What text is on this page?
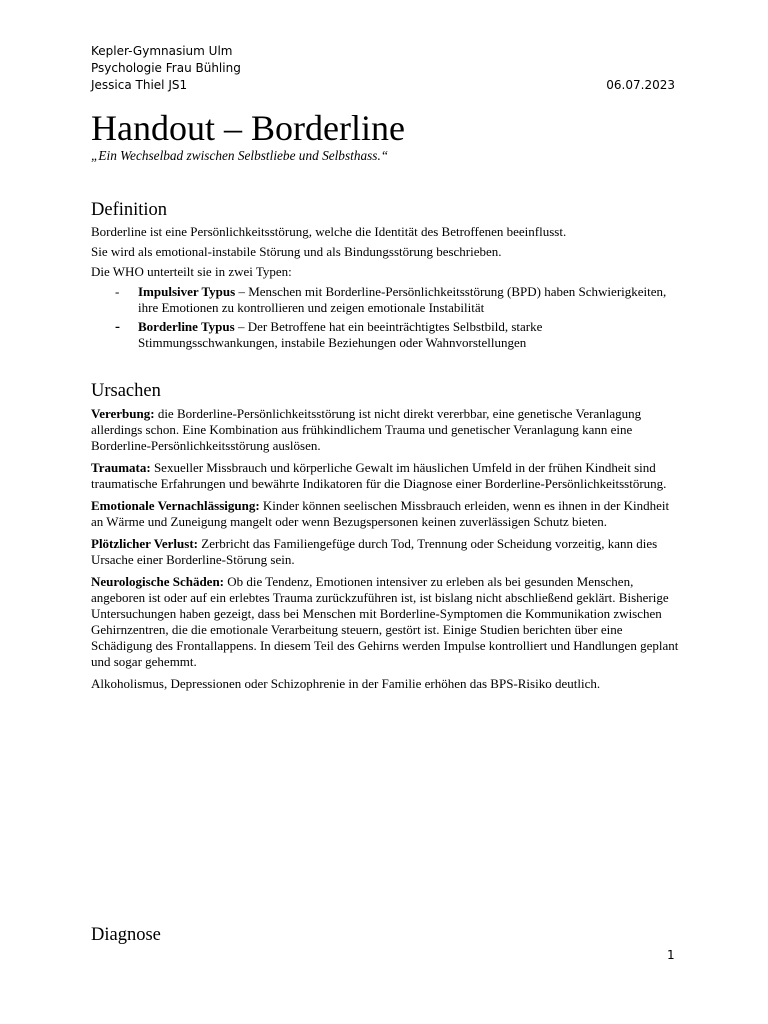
Kepler-Gymnasium Ulm
Psychologie Frau Bühling
Jessica Thiel JS1	06.07.2023
Handout – Borderline
„Ein Wechselbad zwischen Selbstliebe und Selbsthass.“
Definition

Borderline ist eine Persönlichkeitsstörung, welche die Identität des Betroffenen beeinflusst.

Sie wird als emotional-instabile Störung und als Bindungsstörung beschrieben.

Die WHO unterteilt sie in zwei Typen:

- Impulsiver Typus – Menschen mit Borderline-Persönlichkeitsstörung (BPD) haben Schwierigkeiten, ihre Emotionen zu kontrollieren und zeigen emotionale Instabilität
- Borderline Typus – Der Betroffene hat ein beeinträchtigtes Selbstbild, starke Stimmungsschwankungen, instabile Beziehungen oder Wahnvorstellungen
Ursachen

Vererbung: die Borderline-Persönlichkeitsstörung ist nicht direkt vererbbar, eine genetische Veranlagung allerdings schon. Eine Kombination aus frühkindlichem Trauma und genetischer Veranlagung kann eine Borderline-Persönlichkeitsstörung auslösen.

Traumata: Sexueller Missbrauch und körperliche Gewalt im häuslichen Umfeld in der frühen Kindheit sind traumatische Erfahrungen und bewährte Indikatoren für die Diagnose einer Borderline-Persönlichkeitsstörung.

Emotionale Vernachlässigung: Kinder können seelischen Missbrauch erleiden, wenn es ihnen in der Kindheit an Wärme und Zuneigung mangelt oder wenn Bezugspersonen keinen zuverlässigen Schutz bieten.

Plötzlicher Verlust: Zerbricht das Familiengefüge durch Tod, Trennung oder Scheidung vorzeitig, kann dies Ursache einer Borderline-Störung sein.

Neurologische Schäden: Ob die Tendenz, Emotionen intensiver zu erleben als bei gesunden Menschen, angeboren ist oder auf ein erlebtes Trauma zurückzuführen ist, ist bislang nicht abschließend geklärt. Bisherige Untersuchungen haben gezeigt, dass bei Menschen mit Borderline-Symptomen die Kommunikation zwischen Gehirnzentren, die die emotionale Verarbeitung steuern, gestört ist. Einige Studien berichten über eine Schädigung des Frontallappens. In diesem Teil des Gehirns werden Impulse kontrolliert und Handlungen geplant und sogar gehemmt.

Alkoholismus, Depressionen oder Schizophrenie in der Familie erhöhen das BPS-Risiko deutlich.

Diagnose
1
